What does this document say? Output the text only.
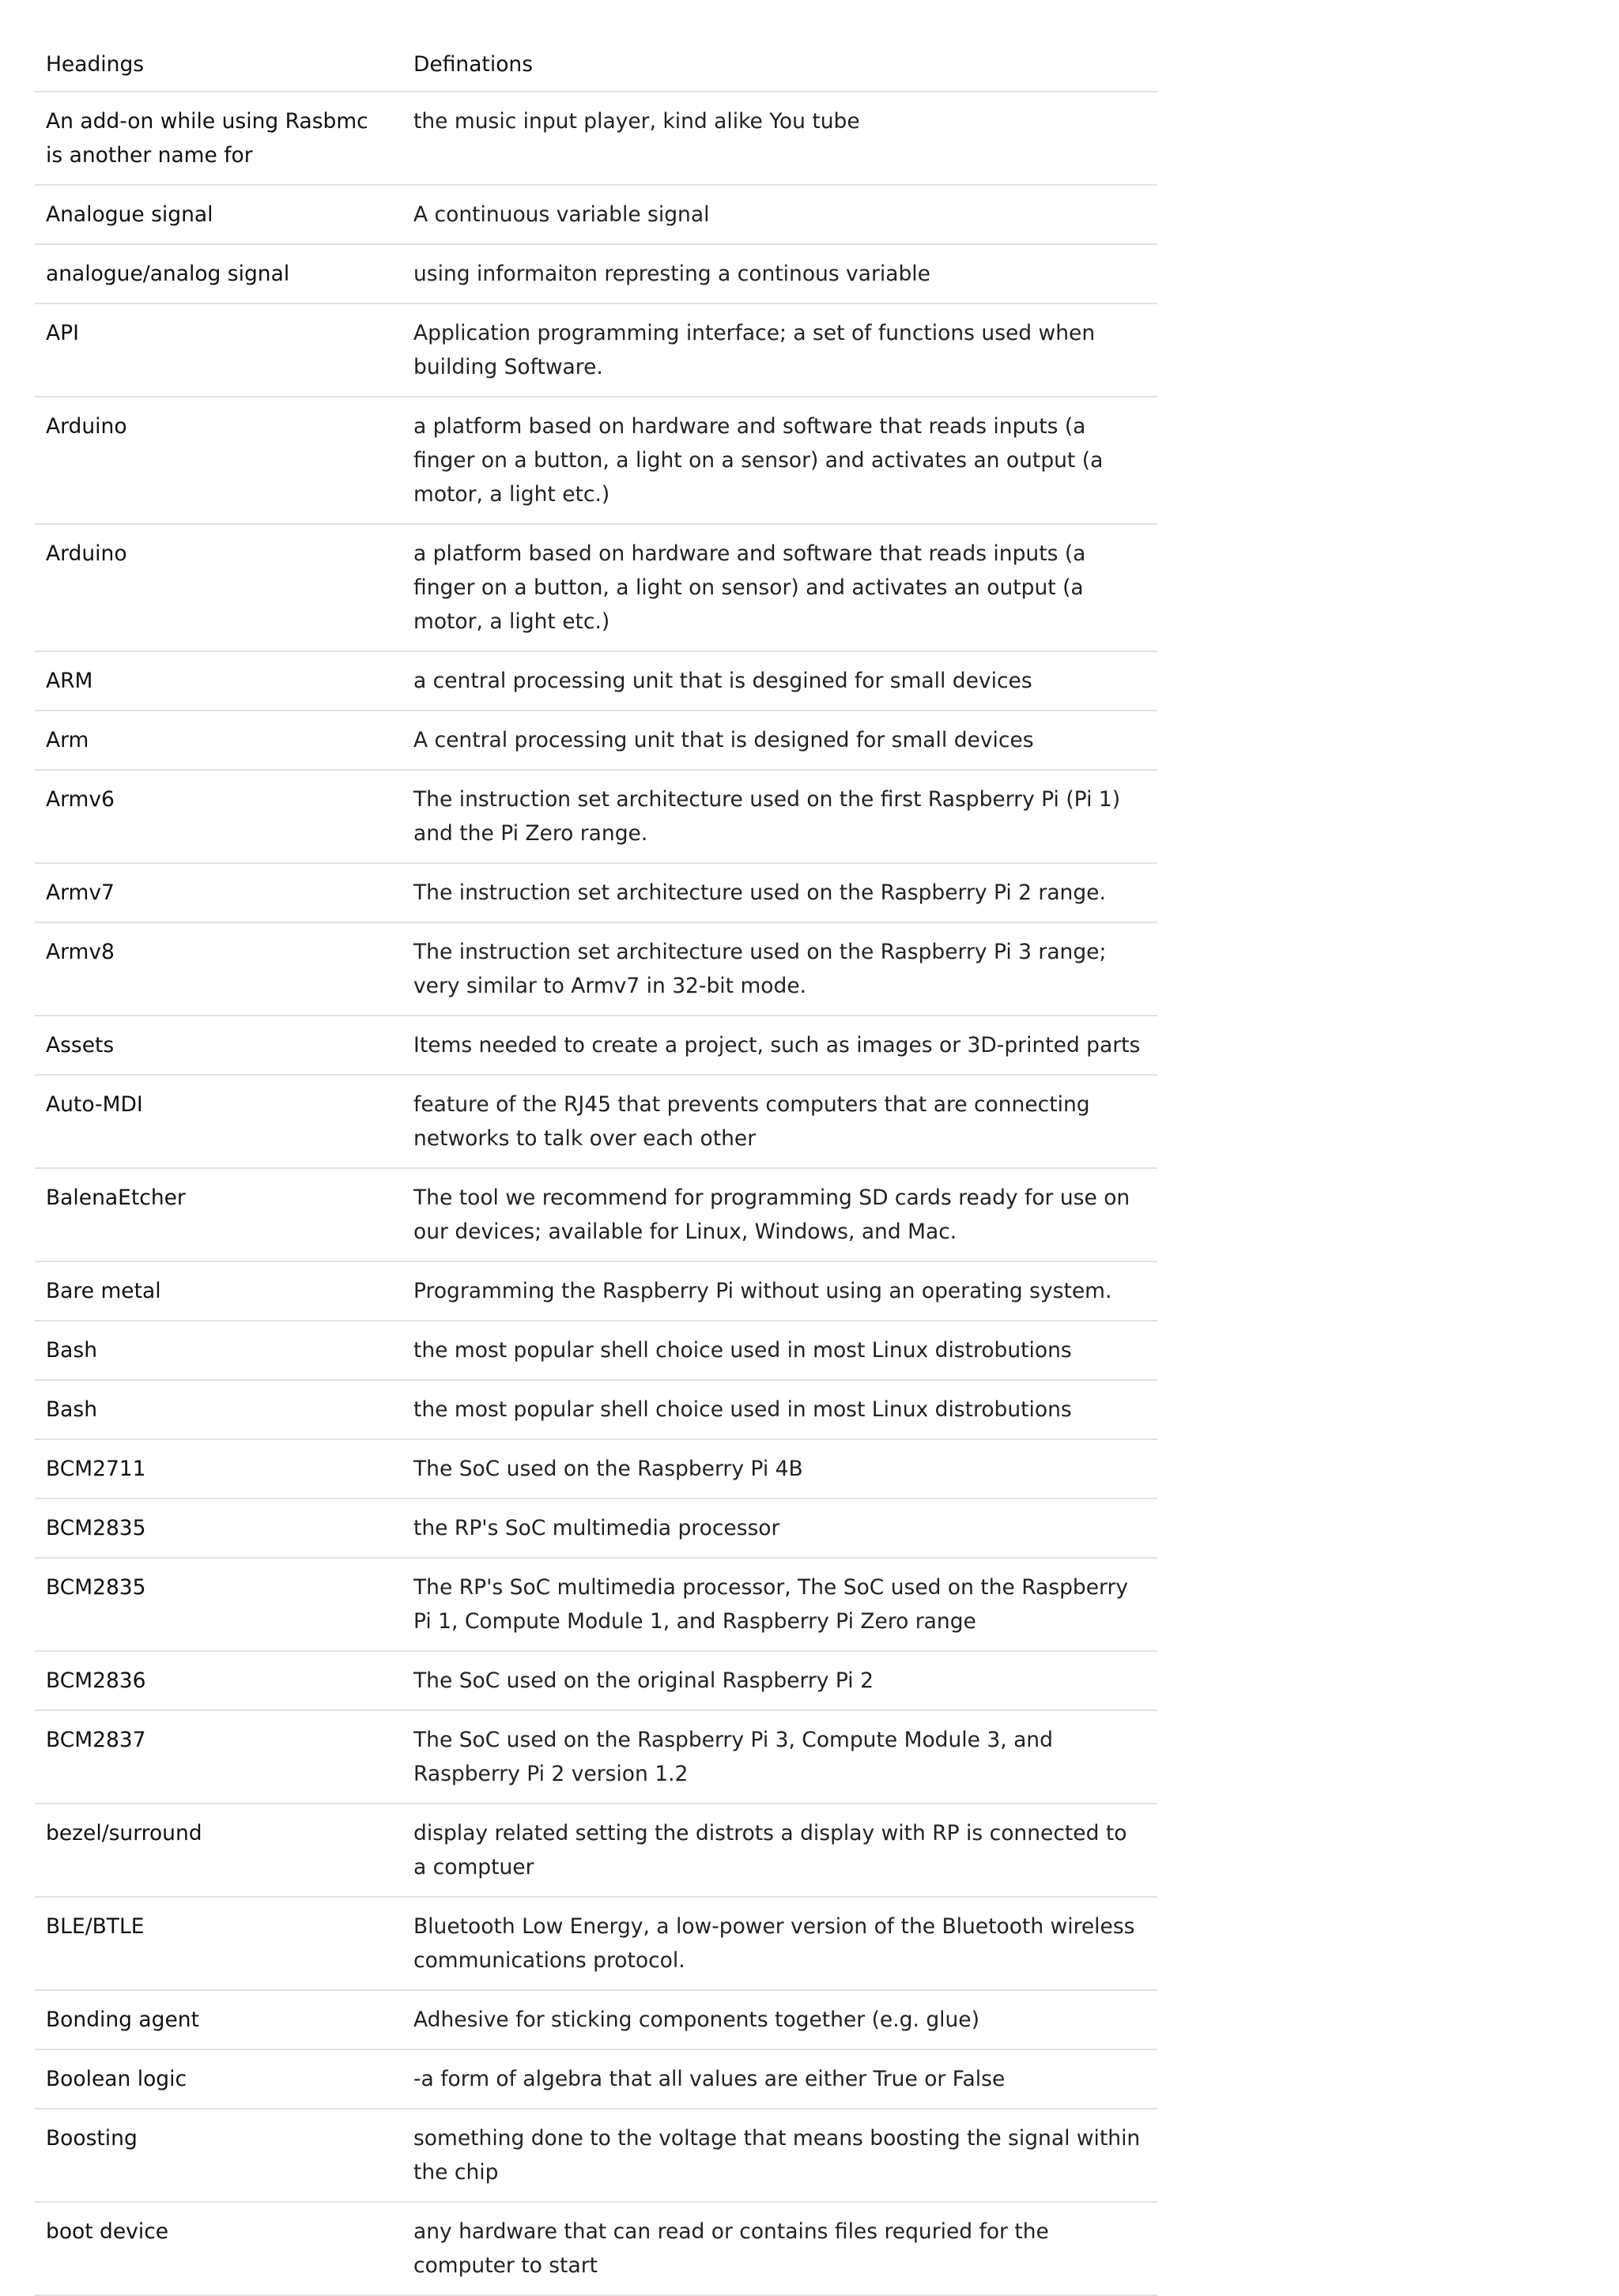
Headings	Definations
An add-on while using Rasbmc is another name for	the music input player, kind alike You tube
Analogue signal	A continuous variable signal
analogue/analog signal	using informaiton represting a continous variable
API	Application programming interface; a set of functions used when building Software.
Arduino	a platform based on hardware and software that reads inputs (a finger on a button, a light on a sensor) and activates an output (a motor, a light etc.)
Arduino	a platform based on hardware and software that reads inputs (a finger on a button, a light on sensor) and activates an output (a motor, a light etc.)
ARM	a central processing unit that is desgined for small devices
Arm	A central processing unit that is designed for small devices
Armv6	The instruction set architecture used on the first Raspberry Pi (Pi 1) and the Pi Zero range.
Armv7	The instruction set architecture used on the Raspberry Pi 2 range.
Armv8	The instruction set architecture used on the Raspberry Pi 3 range; very similar to Armv7 in 32-bit mode.
Assets	Items needed to create a project, such as images or 3D-printed parts
Auto-MDI	feature of the RJ45 that prevents computers that are connecting networks to talk over each other
BalenaEtcher	The tool we recommend for programming SD cards ready for use on our devices; available for Linux, Windows, and Mac.
Bare metal	Programming the Raspberry Pi without using an operating system.
Bash	the most popular shell choice used in most Linux distrobutions
Bash	the most popular shell choice used in most Linux distrobutions
BCM2711	The SoC used on the Raspberry Pi 4B
BCM2835	the RP's SoC multimedia processor
BCM2835	The RP's SoC multimedia processor, The SoC used on the Raspberry Pi 1, Compute Module 1, and Raspberry Pi Zero range
BCM2836	The SoC used on the original Raspberry Pi 2
BCM2837	The SoC used on the Raspberry Pi 3, Compute Module 3, and Raspberry Pi 2 version 1.2
bezel/surround	display related setting the distrots a display with RP is connected to a comptuer
BLE/BTLE	Bluetooth Low Energy, a low-power version of the Bluetooth wireless communications protocol.
Bonding agent	Adhesive for sticking components together (e.g. glue)
Boolean logic	-a form of algebra that all values are either True or False
Boosting	something done to the voltage that means boosting the signal within the chip
boot device	any hardware that can read or contains files requried for the computer to start
